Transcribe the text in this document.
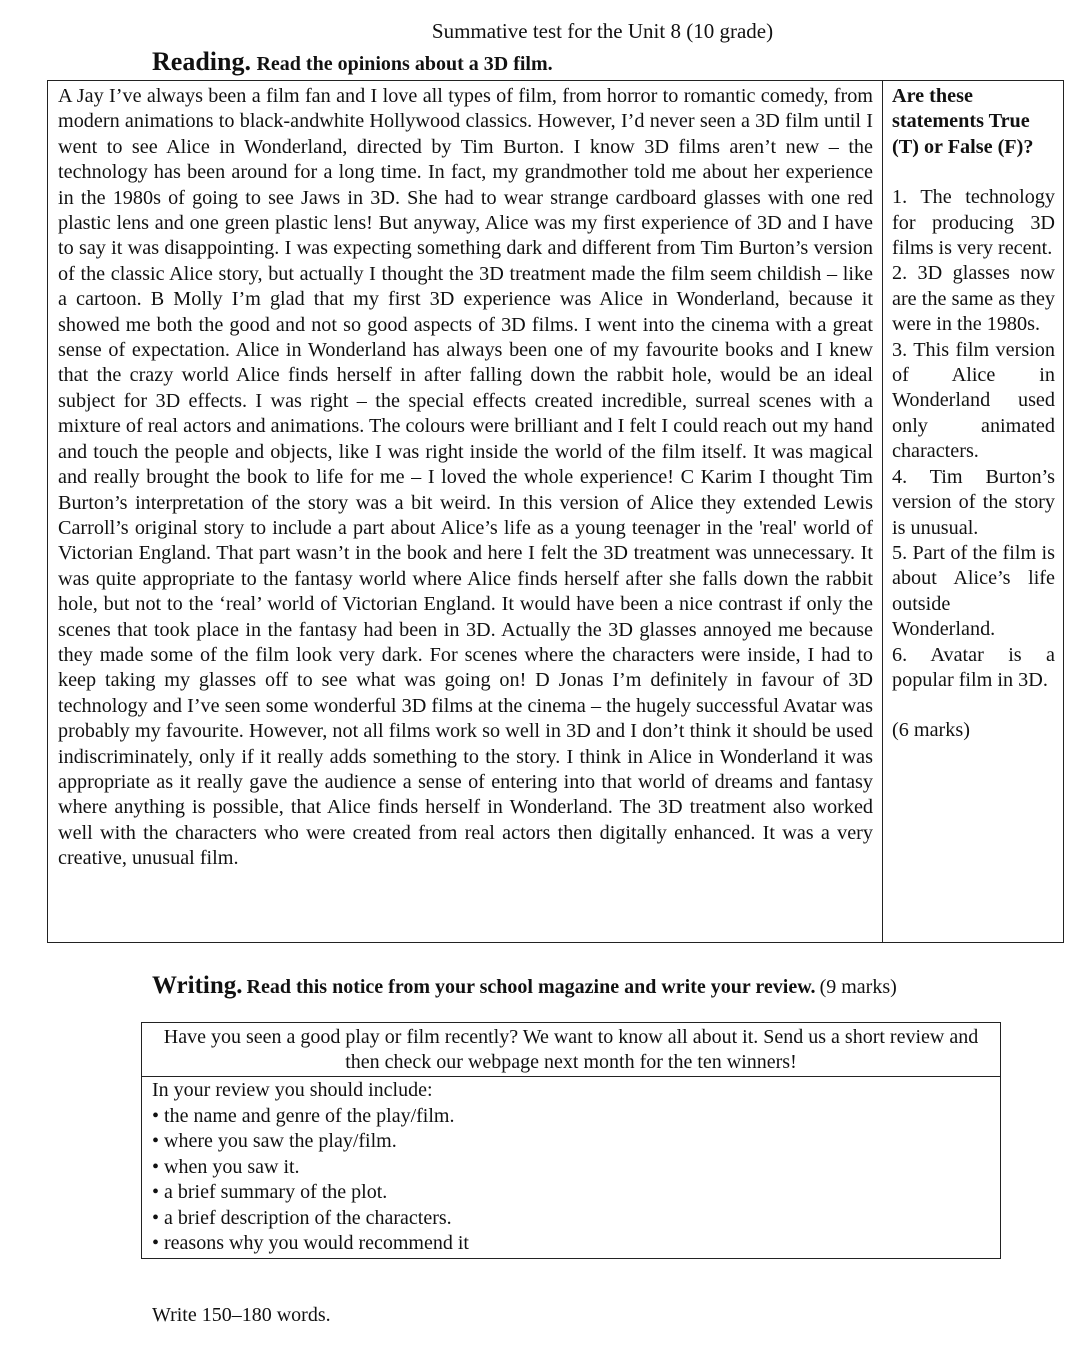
Summative test for the Unit 8 (10 grade)
Reading. Read the opinions about a 3D film.
A Jay I’ve always been a film fan and I love all types of film, from horror to romantic comedy, from modern animations to black-andwhite Hollywood classics. However, I’d never seen a 3D film until I went to see Alice in Wonderland, directed by Tim Burton. I know 3D films aren’t new – the technology has been around for a long time. In fact, my grandmother told me about her experience in the 1980s of going to see Jaws in 3D. She had to wear strange cardboard glasses with one red plastic lens and one green plastic lens! But anyway, Alice was my first experience of 3D and I have to say it was disappointing. I was expecting something dark and different from Tim Burton’s version of the classic Alice story, but actually I thought the 3D treatment made the film seem childish – like a cartoon. B Molly I’m glad that my first 3D experience was Alice in Wonderland, because it showed me both the good and not so good aspects of 3D films. I went into the cinema with a great sense of expectation. Alice in Wonderland has always been one of my favourite books and I knew that the crazy world Alice finds herself in after falling down the rabbit hole, would be an ideal subject for 3D effects. I was right – the special effects created incredible, surreal scenes with a mixture of real actors and animations. The colours were brilliant and I felt I could reach out my hand and touch the people and objects, like I was right inside the world of the film itself. It was magical and really brought the book to life for me – I loved the whole experience! C Karim I thought Tim Burton’s interpretation of the story was a bit weird. In this version of Alice they extended Lewis Carroll’s original story to include a part about Alice’s life as a young teenager in the 'real' world of Victorian England. That part wasn’t in the book and here I felt the 3D treatment was unnecessary. It was quite appropriate to the fantasy world where Alice finds herself after she falls down the rabbit hole, but not to the ‘real’ world of Victorian England. It would have been a nice contrast if only the scenes that took place in the fantasy had been in 3D. Actually the 3D glasses annoyed me because they made some of the film look very dark. For scenes where the characters were inside, I had to keep taking my glasses off to see what was going on! D Jonas I’m definitely in favour of 3D technology and I’ve seen some wonderful 3D films at the cinema – the hugely successful Avatar was probably my favourite. However, not all films work so well in 3D and I don’t think it should be used indiscriminately, only if it really adds something to the story. I think in Alice in Wonderland it was appropriate as it really gave the audience a sense of entering into that world of dreams and fantasy where anything is possible, that Alice finds herself in Wonderland. The 3D treatment also worked well with the characters who were created from real actors then digitally enhanced. It was a very creative, unusual film.
Are these statements True (T) or False (F)?
1. The technology for producing 3D films is very recent.
2. 3D glasses now are the same as they were in the 1980s.
3. This film version of Alice in Wonderland used only animated characters.
4. Tim Burton’s version of the story is unusual.
5. Part of the film is about Alice’s life outside Wonderland.
6. Avatar is a popular film in 3D.
(6 marks)
Writing. Read this notice from your school magazine and write your review. (9 marks)
Have you seen a good play or film recently? We want to know all about it. Send us a short review and then check our webpage next month for the ten winners!
In your review you should include:
• the name and genre of the play/film.
• where you saw the play/film.
• when you saw it.
• a brief summary of the plot.
• a brief description of the characters.
• reasons why you would recommend it
Write 150–180 words.
